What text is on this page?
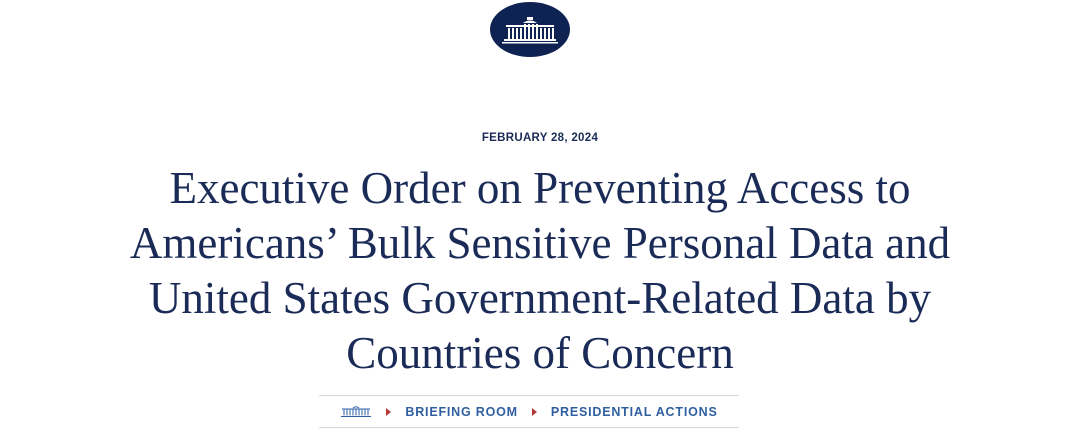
FEBRUARY 28, 2024
Executive Order on Preventing Access to Americans’ Bulk Sensitive Personal Data and United States Government-Related Data by Countries of Concern
BRIEFING ROOM	PRESIDENTIAL ACTIONS
